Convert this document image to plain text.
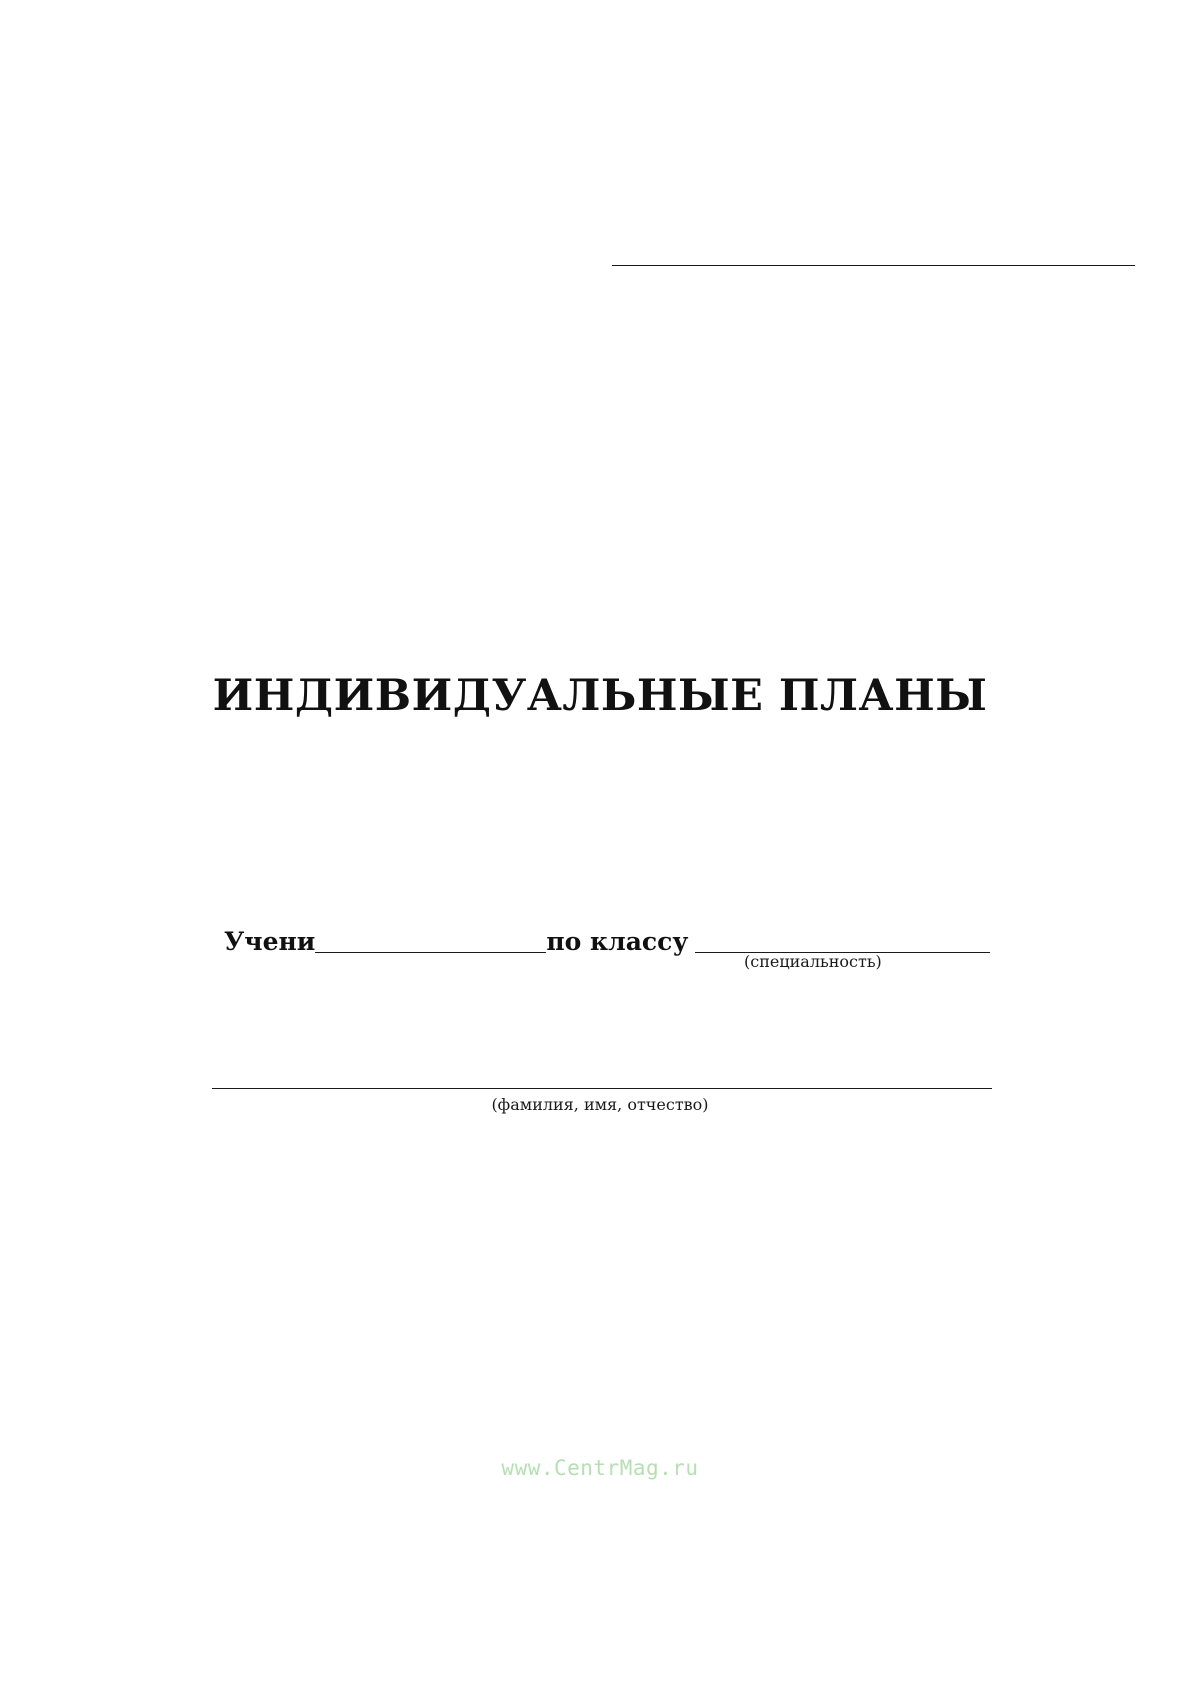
ИНДИВИДУАЛЬНЫЕ ПЛАНЫ
Учени	по классу
(специальность)
(фамилия, имя, отчество)
www.CentrMag.ru
